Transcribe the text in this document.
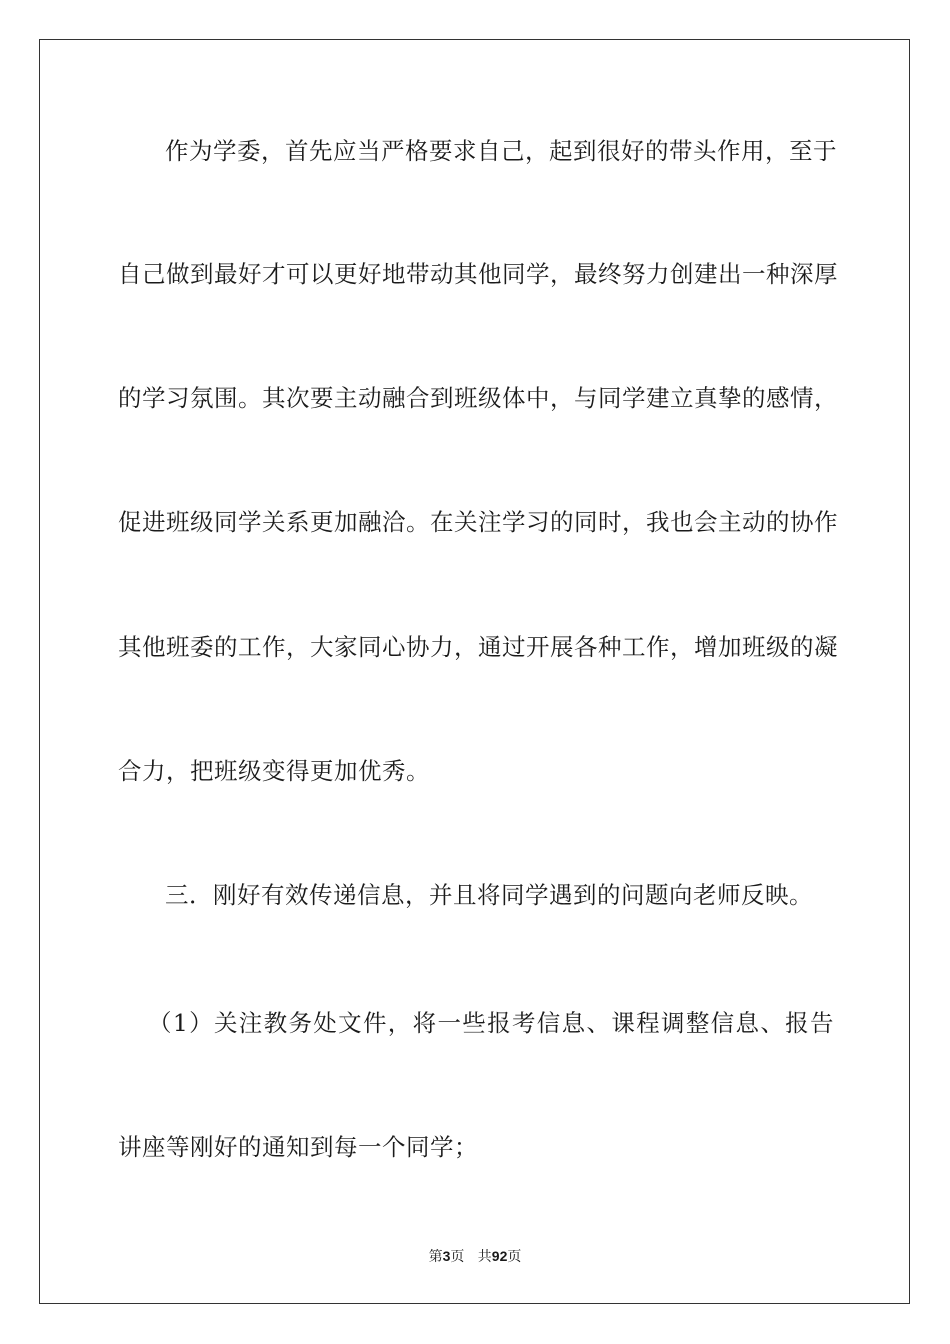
作为学委，首先应当严格要求自己，起到很好的带头作用，至于
自己做到最好才可以更好地带动其他同学，最终努力创建出一种深厚
的学习氛围。其次要主动融合到班级体中，与同学建立真挚的感情，
促进班级同学关系更加融洽。在关注学习的同时，我也会主动的协作
其他班委的工作，大家同心协力，通过开展各种工作，增加班级的凝
合力，把班级变得更加优秀。
三．刚好有效传递信息，并且将同学遇到的问题向老师反映。
（1）关注教务处文件，将一些报考信息、课程调整信息、报告
讲座等刚好的通知到每一个同学；
第3页 共92页
